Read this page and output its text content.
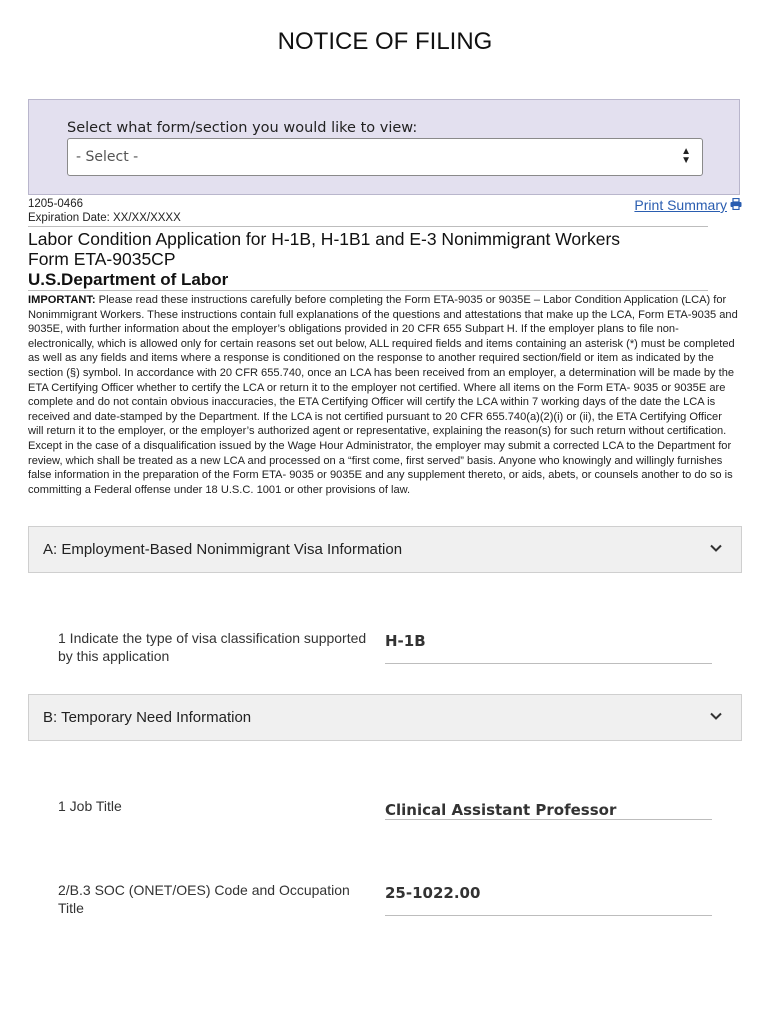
NOTICE OF FILING
Select what form/section you would like to view:
- Select -	▲
▼
1205-0466
Expiration Date: XX/XX/XXXX
Print Summary
Labor Condition Application for H-1B, H-1B1 and E-3 Nonimmigrant Workers
Form ETA-9035CP
U.S.Department of Labor
IMPORTANT: Please read these instructions carefully before completing the Form ETA-9035 or 9035E – Labor Condition Application (LCA) for Nonimmigrant Workers. These instructions contain full explanations of the questions and attestations that make up the LCA, Form ETA-9035 and 9035E, with further information about the employer’s obligations provided in 20 CFR 655 Subpart H. If the employer plans to file non-electronically, which is allowed only for certain reasons set out below, ALL required fields and items containing an asterisk (*) must be completed as well as any fields and items where a response is conditioned on the response to another required section/field or item as indicated by the section (§) symbol. In accordance with 20 CFR 655.740, once an LCA has been received from an employer, a determination will be made by the ETA Certifying Officer whether to certify the LCA or return it to the employer not certified. Where all items on the Form ETA- 9035 or 9035E are complete and do not contain obvious inaccuracies, the ETA Certifying Officer will certify the LCA within 7 working days of the date the LCA is received and date-stamped by the Department. If the LCA is not certified pursuant to 20 CFR 655.740(a)(2)(i) or (ii), the ETA Certifying Officer will return it to the employer, or the employer’s authorized agent or representative, explaining the reason(s) for such return without certification. Except in the case of a disqualification issued by the Wage Hour Administrator, the employer may submit a corrected LCA to the Department for review, which shall be treated as a new LCA and processed on a “first come, first served” basis. Anyone who knowingly and willingly furnishes false information in the preparation of the Form ETA- 9035 or 9035E and any supplement thereto, or aids, abets, or counsels another to do so is committing a Federal offense under 18 U.S.C. 1001 or other provisions of law.
A: Employment-Based Nonimmigrant Visa Information
1 Indicate the type of visa classification supported by this application
H-1B
B: Temporary Need Information
1 Job Title	Clinical Assistant Professor
2/B.3 SOC (ONET/OES) Code and Occupation Title
25-1022.00
